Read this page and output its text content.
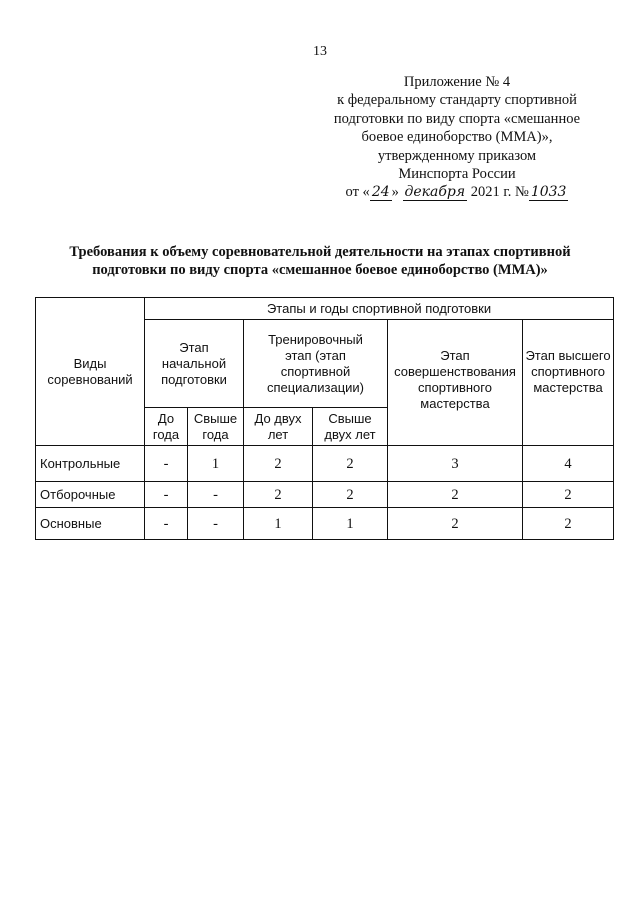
13
Приложение № 4
к федеральному стандарту спортивной
подготовки по виду спорта «смешанное
боевое единоборство (ММА)»,
утвержденному приказом
Минспорта России
от « 24 » декабря 2021 г. № 1033
Требования к объему соревновательной деятельности на этапах спортивной
подготовки по виду спорта «смешанное боевое единоборство (ММА)»
Виды соревнований	Этапы и годы спортивной подготовки					
	Этап начальной подготовки		Тренировочный этап (этап спортивной специализации)		Этап совершенствования спортивного мастерства	Этап высшего спортивного мастерства
	До года	Свыше года	До двух лет	Свыше двух лет		
Контрольные	-	1	2	2	3	4
Отборочные	-	-	2	2	2	2
Основные	-	-	1	1	2	2
